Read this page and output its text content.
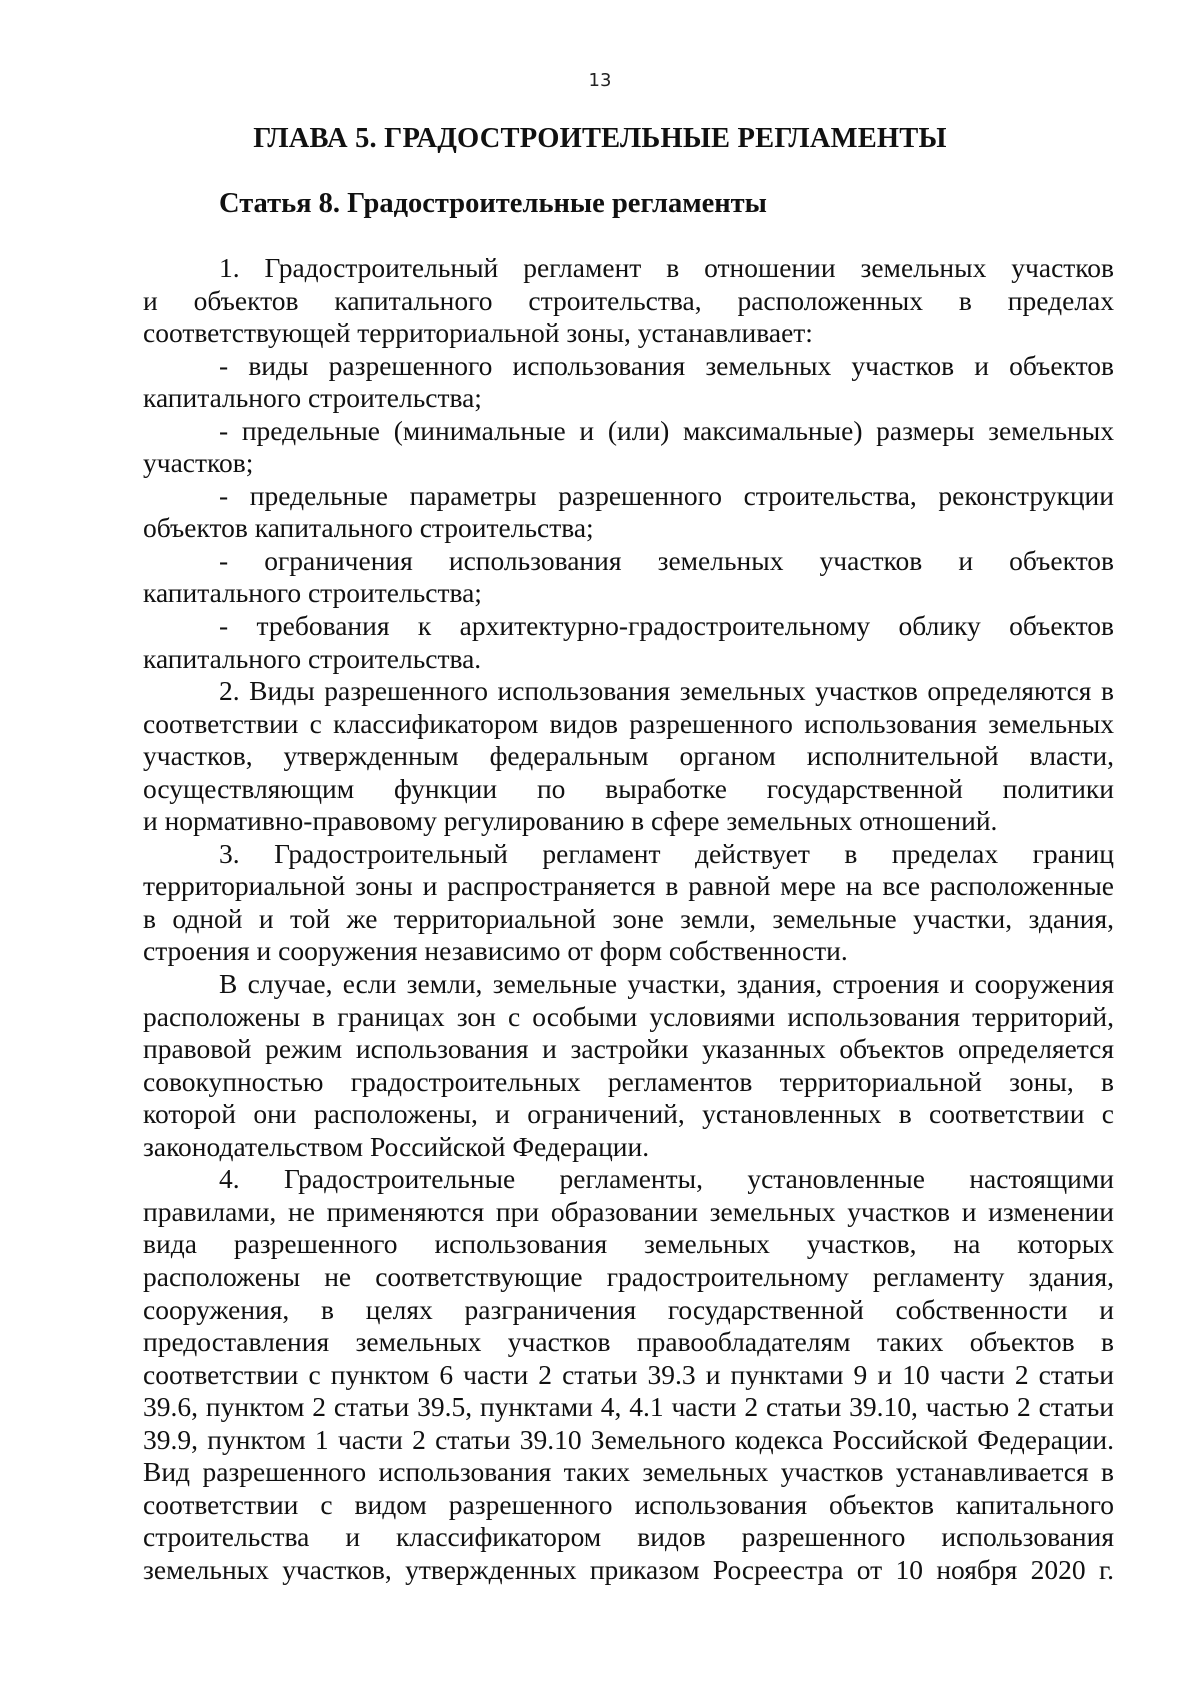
13
ГЛАВА 5. ГРАДОСТРОИТЕЛЬНЫЕ РЕГЛАМЕНТЫ
Статья 8. Градостроительные регламенты
1. Градостроительный регламент в отношении земельных участков
и объектов капитального строительства, расположенных в пределах
соответствующей территориальной зоны, устанавливает:
- виды разрешенного использования земельных участков и объектов
капитального строительства;
- предельные (минимальные и (или) максимальные) размеры земельных
участков;
- предельные параметры разрешенного строительства, реконструкции
объектов капитального строительства;
- ограничения использования земельных участков и объектов
капитального строительства;
- требования к архитектурно-градостроительному облику объектов
капитального строительства.
2. Виды разрешенного использования земельных участков определяются в
соответствии с классификатором видов разрешенного использования земельных
участков, утвержденным федеральным органом исполнительной власти,
осуществляющим функции по выработке государственной политики
и нормативно-правовому регулированию в сфере земельных отношений.
3. Градостроительный регламент действует в пределах границ
территориальной зоны и распространяется в равной мере на все расположенные
в одной и той же территориальной зоне земли, земельные участки, здания,
строения и сооружения независимо от форм собственности.
В случае, если земли, земельные участки, здания, строения и сооружения
расположены в границах зон с особыми условиями использования территорий,
правовой режим использования и застройки указанных объектов определяется
совокупностью градостроительных регламентов территориальной зоны, в
которой они расположены, и ограничений, установленных в соответствии с
законодательством Российской Федерации.
4. Градостроительные регламенты, установленные настоящими
правилами, не применяются при образовании земельных участков и изменении
вида разрешенного использования земельных участков, на которых
расположены не соответствующие градостроительному регламенту здания,
сооружения, в целях разграничения государственной собственности и
предоставления земельных участков правообладателям таких объектов в
соответствии с пунктом 6 части 2 статьи 39.3 и пунктами 9 и 10 части 2 статьи
39.6, пунктом 2 статьи 39.5, пунктами 4, 4.1 части 2 статьи 39.10, частью 2 статьи
39.9, пунктом 1 части 2 статьи 39.10 Земельного кодекса Российской Федерации.
Вид разрешенного использования таких земельных участков устанавливается в
соответствии с видом разрешенного использования объектов капитального
строительства и классификатором видов разрешенного использования
земельных участков, утвержденных приказом Росреестра от 10 ноября 2020 г.
